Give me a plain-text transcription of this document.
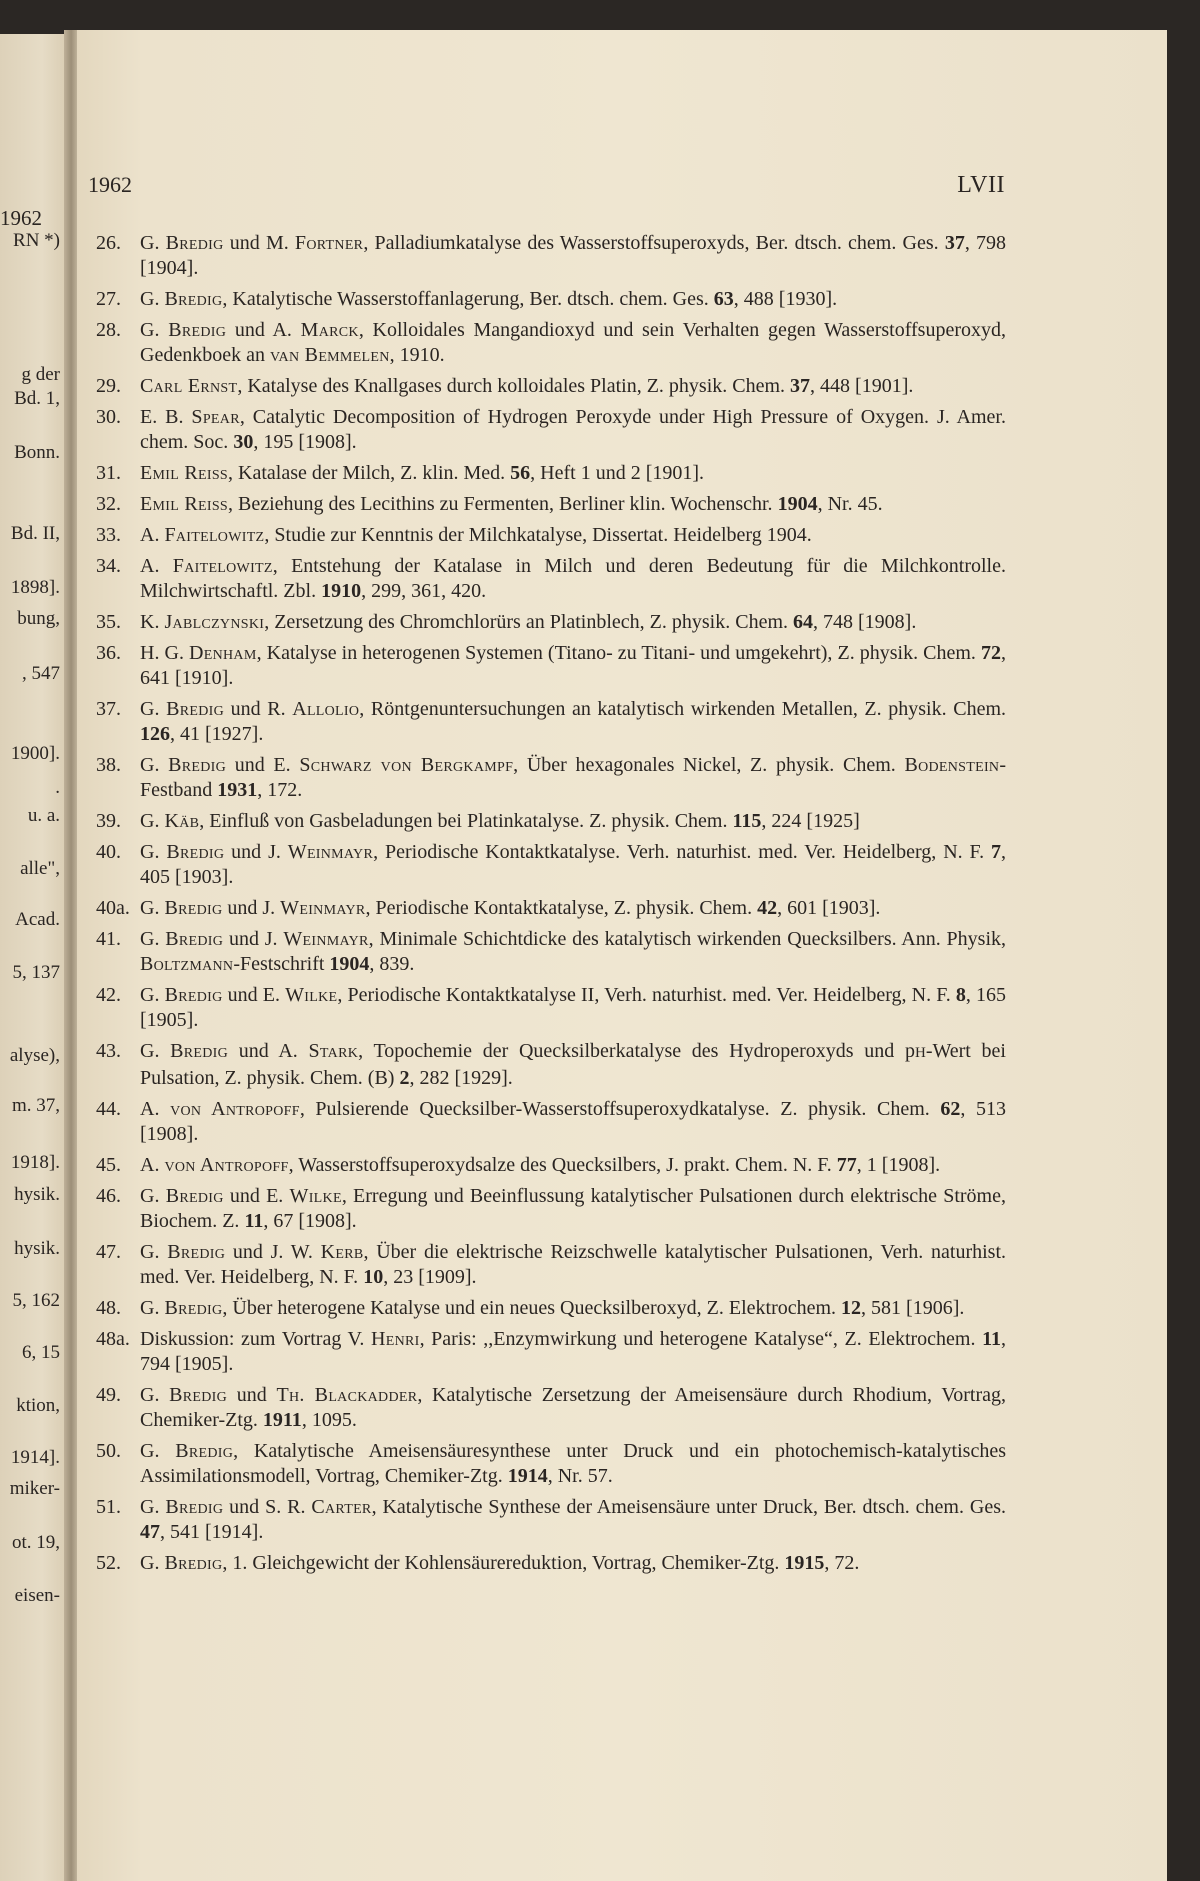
1962
RN *)
g der
Bd. 1,
Bonn.
Bd. II,
1898].
bung,
, 547
1900].
.
u. a.
alle",
Acad.
5, 137
alyse),
m. 37,
1918].
hysik.
hysik.
5, 162
6, 15
ktion,
1914].
miker-
ot. 19,
eisen-
1962	LVII
26. G. Bredig und M. Fortner, Palladiumkatalyse des Wasserstoffsuperoxyds, Ber. dtsch. chem. Ges. 37, 798 [1904].
27. G. Bredig, Katalytische Wasserstoffanlagerung, Ber. dtsch. chem. Ges. 63, 488 [1930].
28. G. Bredig und A. Marck, Kolloidales Mangandioxyd und sein Verhalten gegen Wasserstoffsuperoxyd, Gedenkboek an van Bemmelen, 1910.
29. Carl Ernst, Katalyse des Knallgases durch kolloidales Platin, Z. physik. Chem. 37, 448 [1901].
30. E. B. Spear, Catalytic Decomposition of Hydrogen Peroxyde under High Pressure of Oxygen. J. Amer. chem. Soc. 30, 195 [1908].
31. Emil Reiss, Katalase der Milch, Z. klin. Med. 56, Heft 1 und 2 [1901].
32. Emil Reiss, Beziehung des Lecithins zu Fermenten, Berliner klin. Wochenschr. 1904, Nr. 45.
33. A. Faitelowitz, Studie zur Kenntnis der Milchkatalyse, Dissertat. Heidelberg 1904.
34. A. Faitelowitz, Entstehung der Katalase in Milch und deren Bedeutung für die Milchkontrolle. Milchwirtschaftl. Zbl. 1910, 299, 361, 420.
35. K. Jablczynski, Zersetzung des Chromchlorürs an Platinblech, Z. physik. Chem. 64, 748 [1908].
36. H. G. Denham, Katalyse in heterogenen Systemen (Titano- zu Titani- und umgekehrt), Z. physik. Chem. 72, 641 [1910].
37. G. Bredig und R. Allolio, Röntgenuntersuchungen an katalytisch wirkenden Metallen, Z. physik. Chem. 126, 41 [1927].
38. G. Bredig und E. Schwarz von Bergkampf, Über hexagonales Nickel, Z. physik. Chem. Bodenstein-Festband 1931, 172.
39. G. Käb, Einfluß von Gasbeladungen bei Platinkatalyse. Z. physik. Chem. 115, 224 [1925]
40. G. Bredig und J. Weinmayr, Periodische Kontaktkatalyse. Verh. naturhist. med. Ver. Heidelberg, N. F. 7, 405 [1903].
40a. G. Bredig und J. Weinmayr, Periodische Kontaktkatalyse, Z. physik. Chem. 42, 601 [1903].
41. G. Bredig und J. Weinmayr, Minimale Schichtdicke des katalytisch wirkenden Quecksilbers. Ann. Physik, Boltzmann-Festschrift 1904, 839.
42. G. Bredig und E. Wilke, Periodische Kontaktkatalyse II, Verh. naturhist. med. Ver. Heidelberg, N. F. 8, 165 [1905].
43. G. Bredig und A. Stark, Topochemie der Quecksilberkatalyse des Hydroperoxyds und pH-Wert bei Pulsation, Z. physik. Chem. (B) 2, 282 [1929].
44. A. von Antropoff, Pulsierende Quecksilber-Wasserstoffsuperoxydkatalyse. Z. physik. Chem. 62, 513 [1908].
45. A. von Antropoff, Wasserstoffsuperoxydsalze des Quecksilbers, J. prakt. Chem. N. F. 77, 1 [1908].
46. G. Bredig und E. Wilke, Erregung und Beeinflussung katalytischer Pulsationen durch elektrische Ströme, Biochem. Z. 11, 67 [1908].
47. G. Bredig und J. W. Kerb, Über die elektrische Reizschwelle katalytischer Pulsationen, Verh. naturhist. med. Ver. Heidelberg, N. F. 10, 23 [1909].
48. G. Bredig, Über heterogene Katalyse und ein neues Quecksilberoxyd, Z. Elektrochem. 12, 581 [1906].
48a. Diskussion: zum Vortrag V. Henri, Paris: ,,Enzymwirkung und heterogene Katalyse“, Z. Elektrochem. 11, 794 [1905].
49. G. Bredig und Th. Blackadder, Katalytische Zersetzung der Ameisensäure durch Rhodium, Vortrag, Chemiker-Ztg. 1911, 1095.
50. G. Bredig, Katalytische Ameisensäuresynthese unter Druck und ein photochemisch-katalytisches Assimilationsmodell, Vortrag, Chemiker-Ztg. 1914, Nr. 57.
51. G. Bredig und S. R. Carter, Katalytische Synthese der Ameisensäure unter Druck, Ber. dtsch. chem. Ges. 47, 541 [1914].
52. G. Bredig, 1. Gleichgewicht der Kohlensäurereduktion, Vortrag, Chemiker-Ztg. 1915, 72.
